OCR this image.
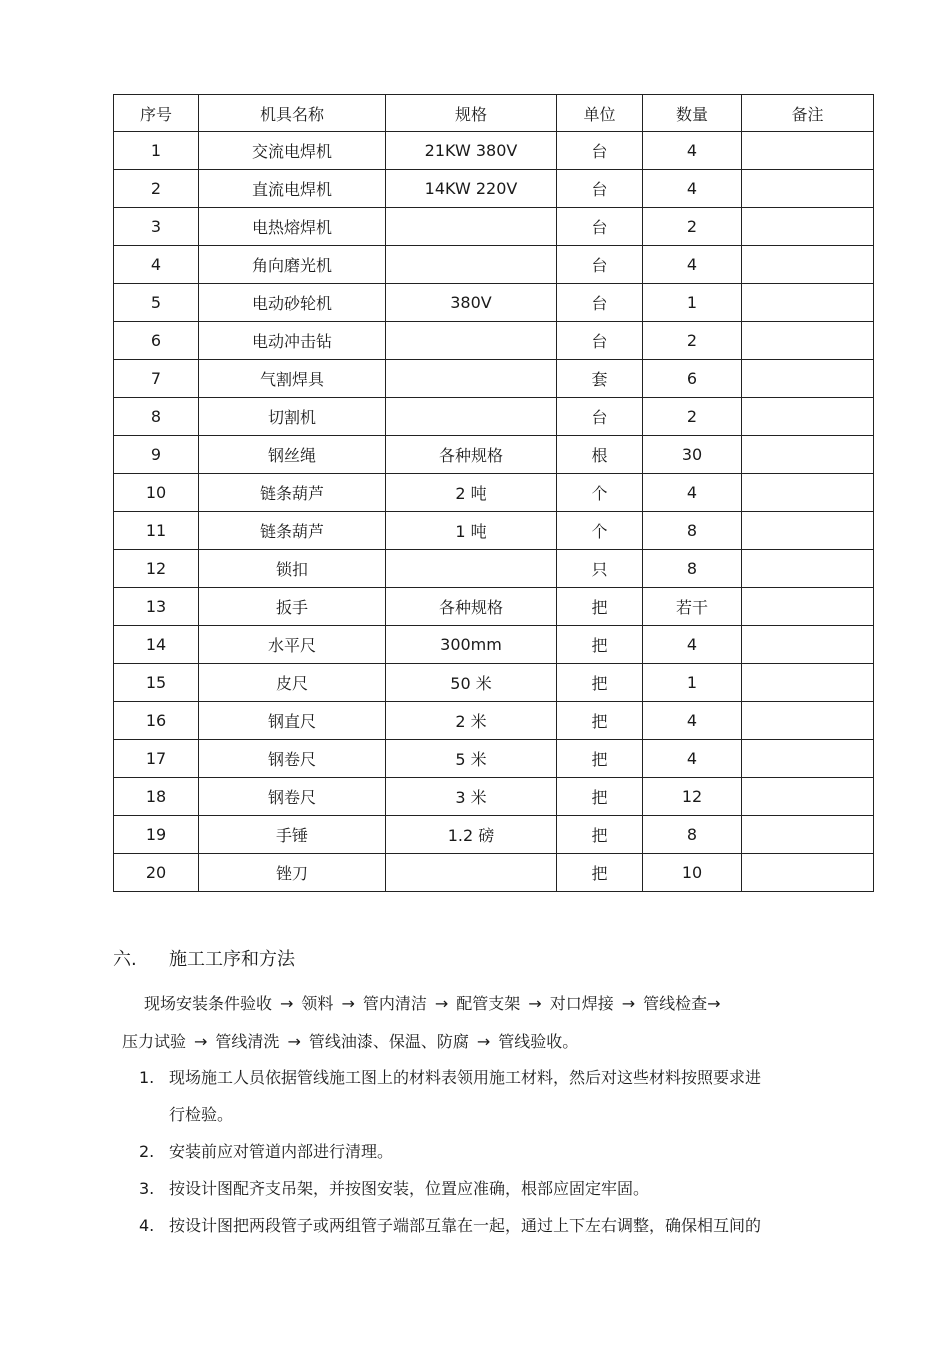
序号	机具名称	规格	单位	数量	备注
1	交流电焊机	21KW 380V	台	4	
2	直流电焊机	14KW 220V	台	4	
3	电热熔焊机		台	2	
4	角向磨光机		台	4	
5	电动砂轮机	380V	台	1	
6	电动冲击钻		台	2	
7	气割焊具		套	6	
8	切割机		台	2	
9	钢丝绳	各种规格	根	30	
10	链条葫芦	2 吨	个	4	
11	链条葫芦	1 吨	个	8	
12	锁扣		只	8	
13	扳手	各种规格	把	若干	
14	水平尺	300mm	把	4	
15	皮尺	50 米	把	1	
16	钢直尺	2 米	把	4	
17	钢卷尺	5 米	把	4	
18	钢卷尺	3 米	把	12	
19	手锤	1.2 磅	把	8	
20	锉刀		把	10	
六. 施工工序和方法
现场安装条件验收 → 领料 → 管内清洁 → 配管支架 → 对口焊接 → 管线检查→
压力试验 → 管线清洗 → 管线油漆、保温、防腐 → 管线验收。
1. 现场施工人员依据管线施工图上的材料表领用施工材料，然后对这些材料按照要求进
行检验。
2. 安装前应对管道内部进行清理。
3. 按设计图配齐支吊架，并按图安装，位置应准确，根部应固定牢固。
4. 按设计图把两段管子或两组管子端部互靠在一起，通过上下左右调整，确保相互间的
